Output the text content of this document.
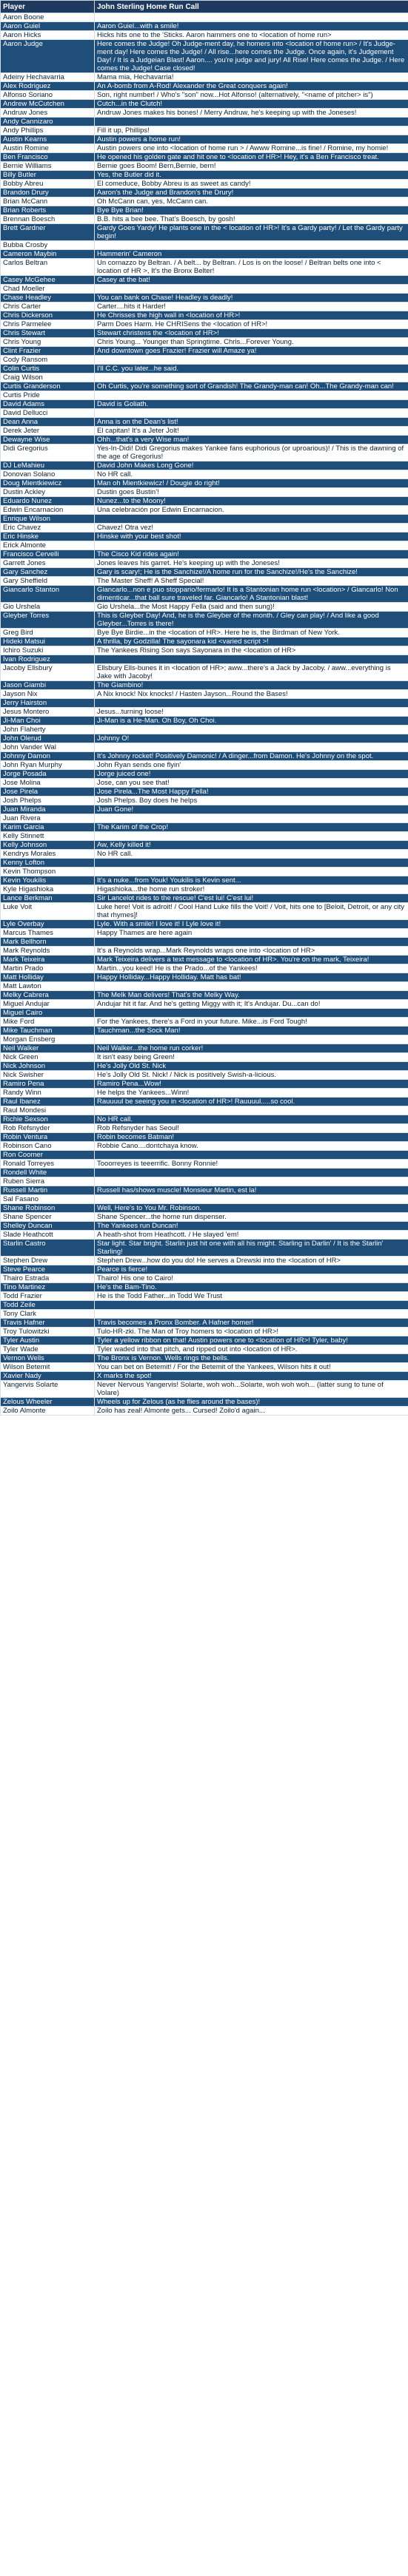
Player	John Sterling Home Run Call
Aaron Boone	
Aaron Guiel	Aaron Guiel...with a smile!
Aaron Hicks	Hicks hits one to the 'Sticks. Aaron hammers one to <location of home run>
Aaron Judge	Here comes the Judge! Oh Judge-ment day, he homers into <location of home run> / It's Judge-ment day! Here comes the Judge! / All rise...here comes the Judge. Once again, it's Judgement Day! / It is a Judgeian Blast! Aaron.... you're judge and jury! All Rise! Here comes the Judge. / Here comes the Judge! Case closed!
Adeiny Hechavarria	Mama mia, Hechavarria!
Alex Rodriguez	An A-bomb from A-Rod! Alexander the Great conquers again!
Alfonso Soriano	Son, right number! / Who's "son" now...Hot Alfonso! (alternatively, "<name of pitcher> is")
Andrew McCutchen	Cutch...in the Clutch!
Andruw Jones	Andruw Jones makes his bones! / Merry Andruw, he's keeping up with the Joneses!
Andy Cannizaro	
Andy Phillips	Fill it up, Phillips!
Austin Kearns	Austin powers a home run!
Austin Romine	Austin powers one into <location of home run > / Awww Romine...is fine! / Romine, my homie!
Ben Francisco	He opened his golden gate and hit one to <location of HR>! Hey, it's a Ben Francisco treat.
Bernie Williams	Bernie goes Boom! Bern,Bernie, bern!
Billy Butler	Yes, the Butler did it.
Bobby Abreu	El comeduce, Bobby Abreu is as sweet as candy!
Brandon Drury	Aaron's the Judge and Brandon's the Drury!
Brian McCann	Oh McCann can, yes, McCann can.
Brian Roberts	Bye Bye Brian!
Brennan Boesch	B.B. hits a bee bee. That's Boesch, by gosh!
Brett Gardner	Gardy Goes Yardy! He plants one in the < location of HR>! It's a Gardy party! / Let the Gardy party begin!
Bubba Crosby	
Cameron Maybin	Hammerin' Cameron
Carlos Beltran	Un cornazzo by Beltran. / A belt... by Beltran. / Los is on the loose! / Beltran belts one into < location of HR >, It's the Bronx Belter!
Casey McGehee	Casey at the bat!
Chad Moeller	
Chase Headley	You can bank on Chase! Headley is deadly!
Chris Carter	Carter....hits it Harder!
Chris Dickerson	He Chrisses the high wall in <location of HR>!
Chris Parmelee	Parm Does Harm. He CHRISens the <location of HR>!
Chris Stewart	Stewart christens the <location of HR>!
Chris Young	Chris Young... Younger than Springtime. Chris...Forever Young.
Clint Frazier	And downtown goes Frazier! Frazier will Amaze ya!
Cody Ransom	
Colin Curtis	I'll C.C. you later...he said.
Craig Wilson	
Curtis Granderson	Oh Curtis, you're something sort of Grandish! The Grandy-man can! Oh...The Grandy-man can!
Curtis Pride	
David Adams	David is Goliath.
David Dellucci	
Dean Anna	Anna is on the Dean's list!
Derek Jeter	El capitan! It's a Jeter Jolt!
Dewayne Wise	Ohh...that's a very Wise man!
Didi Gregorius	Yes-In-Didi! Didi Gregorius makes Yankee fans euphorious (or uproarious)! / This is the dawning of the age of Gregorius!
DJ LeMahieu	David John Makes Long Gone!
Donovan Solano	No HR call.
Doug Mientkiewicz	Man oh Mientkiewicz! / Dougie do right!
Dustin Ackley	Dustin goes Bustin'!
Eduardo Nunez	Nunez...to the Moony!
Edwin Encarnacion	Una celebración por Edwin Encarnacion.
Enrique Wilson	
Eric Chavez	Chavez! Otra vez!
Eric Hinske	Hinske with your best shot!
Erick Almonte	
Francisco Cervelli	The Cisco Kid rides again!
Garrett Jones	Jones leaves his garret. He's keeping up with the Joneses!
Gary Sanchez	Gary is scary!; He is the Sanchize!/A home run for the Sanchize!/He's the Sanchize!
Gary Sheffield	The Master Sheff! A Sheff Special!
Giancarlo Stanton	Giancarlo...non e puo stoppario/fermarlo! It is a Stantonian home run <location> / Giancarlo! Non dimenticar...that ball sure traveled far. Giancarlo! A Stantonian blast!
Gio Urshela	Gio Urshela...the Most Happy Fella (said and then sung)!
Gleyber Torres	This is Gleyber Day! And, he is the Gleyber of the month. / Gley can play! / And like a good Gleyber...Torres is there!
Greg Bird	Bye Bye Birdie...in the <location of HR>. Here he is, the Birdman of New York.
Hideki Matsui	A thrilla, by Godzilla! The sayonara kid <varied script >!
Ichiro Suzuki	The Yankees Rising Son says Sayonara in the <location of HR>
Ivan Rodriguez	
Jacoby Ellsbury	Ellsbury Ells-bunes it in <location of HR>; aww...there's a Jack by Jacoby. / aww...everything is Jake with Jacoby!
Jason Giambi	The Giambino!
Jayson Nix	A Nix knock! Nix knocks! / Hasten Jayson...Round the Bases!
Jerry Hairston	
Jesus Montero	Jesus...turning loose!
Ji-Man Choi	Ji-Man is a He-Man. Oh Boy, Oh Choi.
John Flaherty	
John Olerud	Johnny O!
John Vander Wal	
Johnny Damon	It's Johnny rocket! Positively Damonic! / A dinger...from Damon. He's Johnny on the spot.
John Ryan Murphy	John Ryan sends one flyin'
Jorge Posada	Jorge juiced one!
Jose Molina	Jose, can you see that!
Jose Pirela	Jose Pirela...The Most Happy Fella!
Josh Phelps	Josh Phelps. Boy does he helps
Juan Miranda	Juan Gone!
Juan Rivera	
Karim Garcia	The Karim of the Crop!
Kelly Stinnett	
Kelly Johnson	Aw, Kelly killed it!
Kendrys Morales	No HR call.
Kenny Lofton	
Kevin Thompson	
Kevin Youkilis	It's a nuke...from Youk! Youkilis is Kevin sent...
Kyle Higashioka	Higashioka...the home run stroker!
Lance Berkman	Sir Lancelot rides to the rescue! C'est lui! C'est lui!
Luke Voit	Luke here! Voit is adroit! / Cool Hand Luke fills the Voit! / Voit, hits one to [Beloit, Detroit, or any city that rhymes]!
Lyle Overbay	Lyle. With a smile! I love it! I Lyle love it!
Marcus Thames	Happy Thames are here again
Mark Bellhorn	
Mark Reynolds	It's a Reynolds wrap...Mark Reynolds wraps one into <location of HR>
Mark Teixeira	Mark Teixeira delivers a text message to <location of HR>. You're on the mark, Teixeira!
Martin Prado	Martin...you keed! He is the Prado...of the Yankees!
Matt Holliday	Happy Holliday...Happy Holliday. Matt has bat!
Matt Lawton	
Melky Cabrera	The Melk Man delivers! That's the Melky Way.
Miguel Andujar	Andujar hit it far. And he's getting Miggy with it; It's Andujar. Du...can do!
Miguel Cairo	
Mike Ford	For the Yankees, there's a Ford in your future. Mike...is Ford Tough!
Mike Tauchman	Tauchman...the Sock Man!
Morgan Ensberg	
Neil Walker	Neil Walker...the home run corker!
Nick Green	It isn't easy being Green!
Nick Johnson	He's Jolly Old St. Nick
Nick Swisher	He's Jolly Old St. Nick! / Nick is positively Swish-a-licious.
Ramiro Pena	Ramiro Pena...Wow!
Randy Winn	He helps the Yankees...Winn!
Raul Ibanez	Rauuuul be seeing you in <location of HR>! Rauuuul.....so cool.
Raul Mondesi	
Richie Sexson	No HR call.
Rob Refsnyder	Rob Refsnyder has Seoul!
Robin Ventura	Robin becomes Batman!
Robinson Cano	Robbie Cano....dontchaya know.
Ron Coomer	
Ronald Torreyes	Tooorreyes is teeerrific. Bonny Ronnie!
Rondell White	
Ruben Sierra	
Russell Martin	Russell has/shows muscle! Monsieur Martin, est la!
Sal Fasano	
Shane Robinson	Well, Here's to You Mr. Robinson.
Shane Spencer	Shane Spencer...the home run dispenser.
Shelley Duncan	The Yankees run Duncan!
Slade Heathcott	A heath-shot from Heathcott. / He slayed 'em!
Starlin Castro	Star light. Star bright. Starlin just hit one with all his might. Starling in Darlin' / It is the Starlin' Starling!
Stephen Drew	Stephen Drew...how do you do! He serves a Drewski into the <location of HR>
Steve Pearce	Pearce is fierce!
Thairo Estrada	Thairo! His one to Cairo!
Tino Martinez	He's the Bam-Tino.
Todd Frazier	He is the Todd Father...in Todd We Trust
Todd Zeile	
Tony Clark	
Travis Hafner	Travis becomes a Pronx Bomber. A Hafner homer!
Troy Tulowitzki	Tulo-HR-zki. The Man of Troy homers to <location of HR>!
Tyler Austin	Tyler a yellow ribbon on that! Austin powers one to <location of HR>! Tyler, baby!
Tyler Wade	Tyler waded into that pitch, and ripped out into <location of HR>.
Vernon Wells	The Bronx is Vernon. Wells rings the bells.
Wilson Betemit	You can bet on Betemit! / For the Betemit of the Yankees, Wilson hits it out!
Xavier Nady	X marks the spot!
Yangervis Solarte	Never Nervous Yangervis! Solarte, woh woh...Solarte, woh woh woh... (latter sung to tune of Volare)
Zelous Wheeler	Wheels up for Zelous (as he flies around the bases)!
Zoilo Almonte	Zoilo has zeal! Almonte gets... Cursed! Zoilo'd again...
